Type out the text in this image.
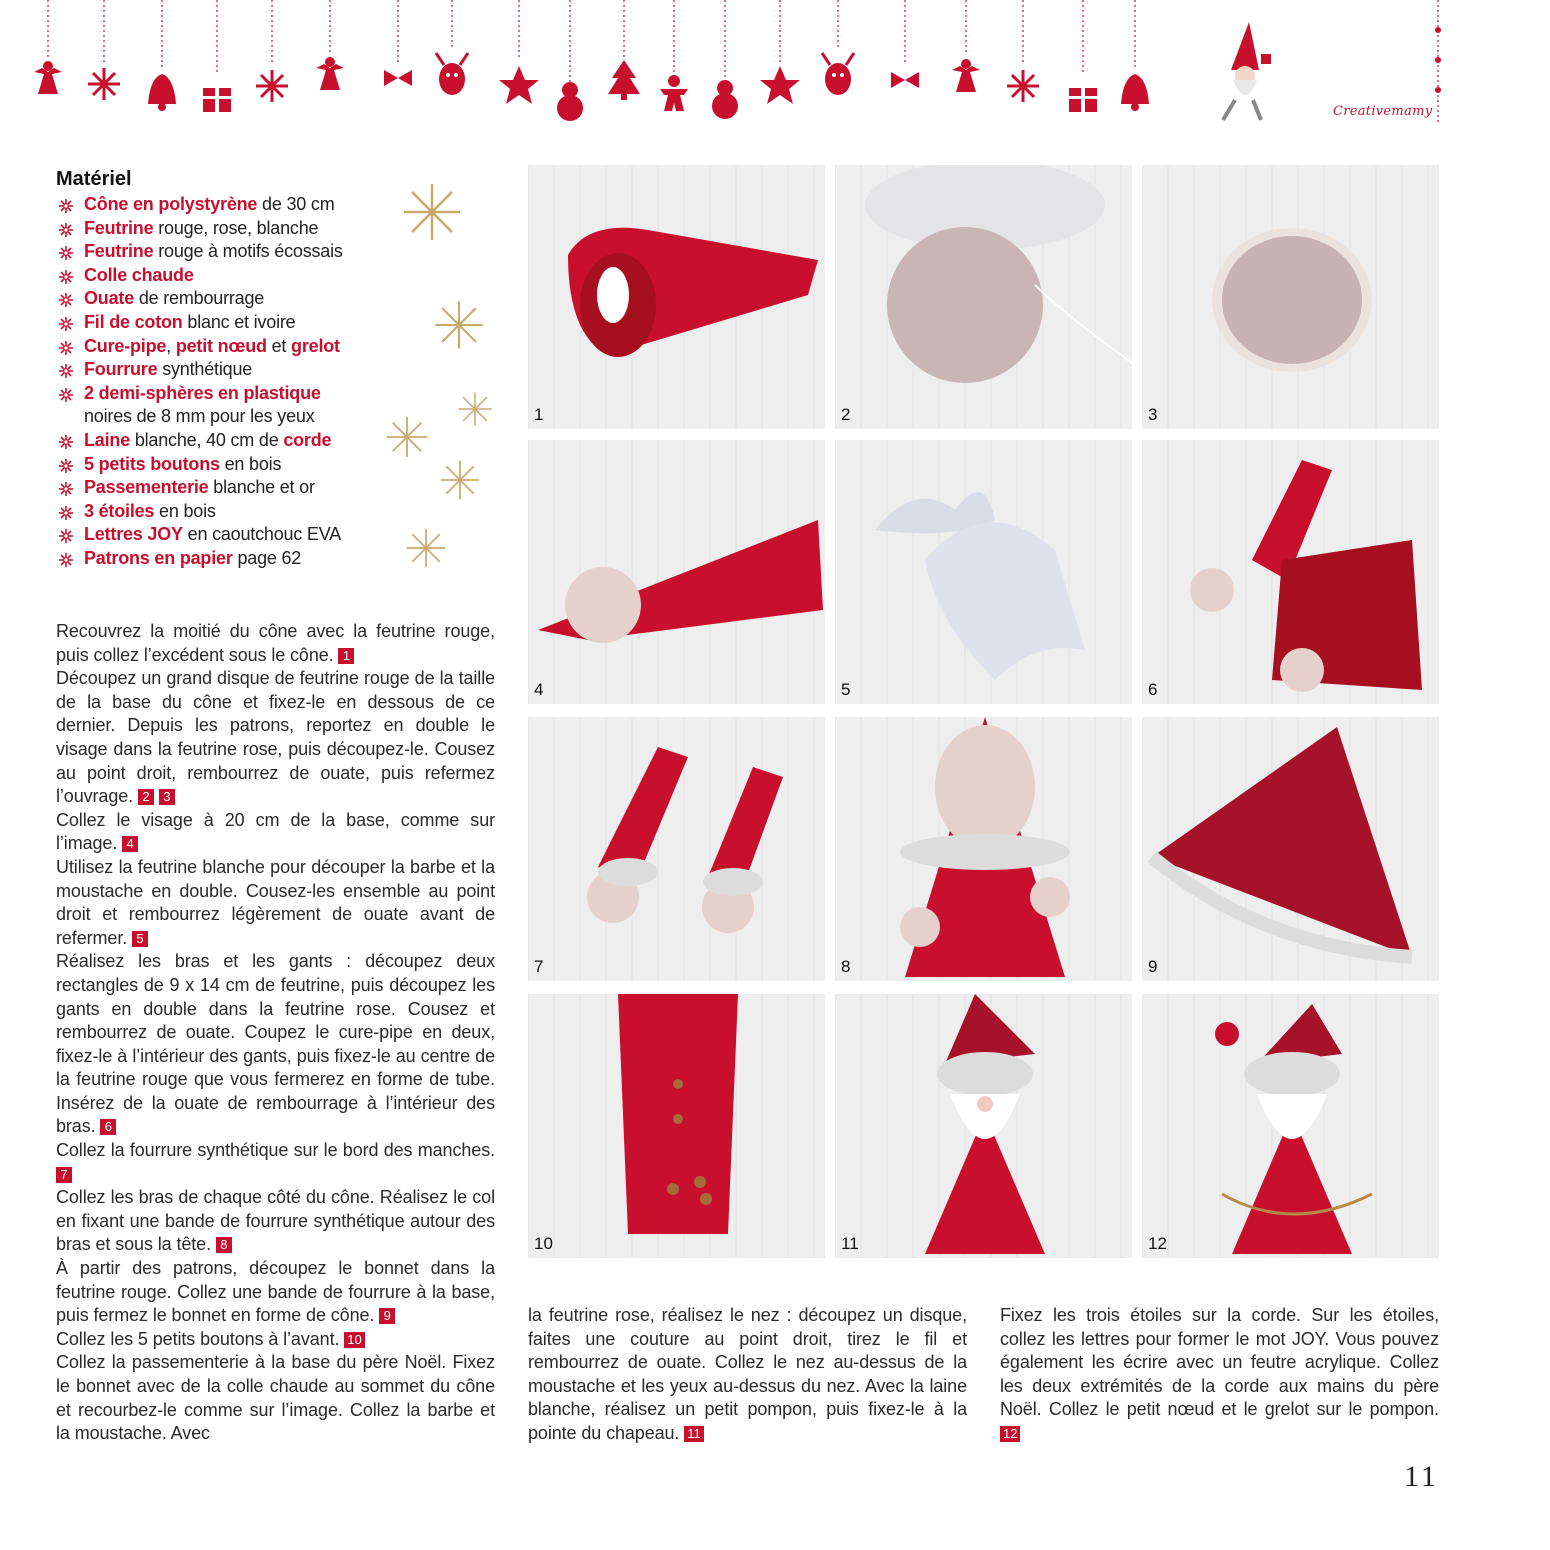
Creativemamy
Matériel
Cône en polystyrène de 30 cm
Feutrine rouge, rose, blanche
Feutrine rouge à motifs écossais
Colle chaude
Ouate de rembourrage
Fil de coton blanc et ivoire
Cure-pipe, petit nœud et grelot
Fourrure synthétique
2 demi-sphères en plastique
noires de 8 mm pour les yeux
Laine blanche, 40 cm de corde
5 petits boutons en bois
Passementerie blanche et or
3 étoiles en bois
Lettres JOY en caoutchouc EVA
Patrons en papier page 62
Recouvrez la moitié du cône avec la feutrine rouge, puis collez l’excédent sous le cône. 1
Découpez un grand disque de feutrine rouge de la taille de la base du cône et fixez-le en dessous de ce dernier. Depuis les patrons, reportez en double le visage dans la feutrine rose, puis découpez-le. Cousez au point droit, rembourrez de ouate, puis refermez l’ouvrage. 2 3
Collez le visage à 20 cm de la base, comme sur l’image. 4
Utilisez la feutrine blanche pour découper la barbe et la moustache en double. Cousez-les ensemble au point droit et rembourrez légèrement de ouate avant de refermer. 5
Réalisez les bras et les gants : découpez deux rectangles de 9 x 14 cm de feutrine, puis découpez les gants en double dans la feutrine rose. Cousez et rembourrez de ouate. Coupez le cure-pipe en deux, fixez-le à l’intérieur des gants, puis fixez-le au centre de la feutrine rouge que vous fermerez en forme de tube. Insérez de la ouate de rembourrage à l’intérieur des bras. 6
Collez la fourrure synthétique sur le bord des manches. 7
Collez les bras de chaque côté du cône. Réalisez le col en fixant une bande de fourrure synthétique autour des bras et sous la tête. 8
À partir des patrons, découpez le bonnet dans la feutrine rouge. Collez une bande de fourrure à la base, puis fermez le bonnet en forme de cône. 9
Collez les 5 petits boutons à l’avant. 10
Collez la passementerie à la base du père Noël. Fixez le bonnet avec de la colle chaude au sommet du cône et recourbez-le comme sur l’image. Collez la barbe et la moustache. Avec
la feutrine rose, réalisez le nez : découpez un disque, faites une couture au point droit, tirez le fil et rembourrez de ouate. Collez le nez au-dessus de la moustache et les yeux au-dessus du nez. Avec la laine blanche, réalisez un petit pompon, puis fixez-le à la pointe du chapeau. 11
Fixez les trois étoiles sur la corde. Sur les étoiles, collez les lettres pour former le mot JOY. Vous pouvez également les écrire avec un feutre acrylique. Collez les deux extrémités de la corde aux mains du père Noël. Collez le petit nœud et le grelot sur le pompon. 12
1	2	3
4	5	6
7	8	9
10	11	12
11
